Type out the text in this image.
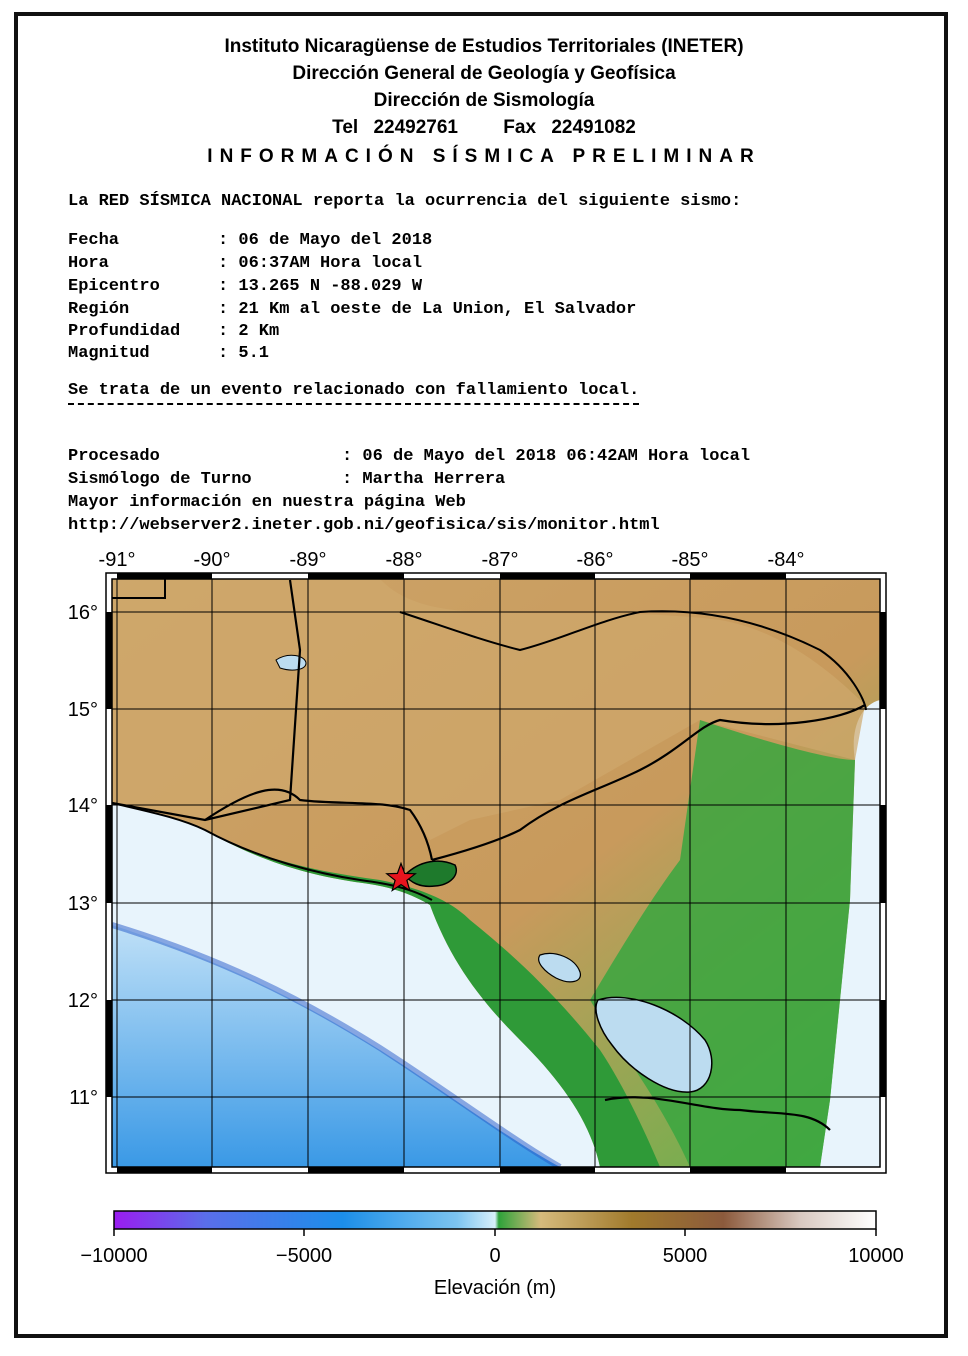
Instituto Nicaragüense de Estudios Territoriales (INETER)
Dirección General de Geología y Geofísica
Dirección de Sismología
Tel 22492761 Fax 22491082
INFORMACIÓN SÍSMICA PRELIMINAR
La RED SÍSMICA NACIONAL reporta la ocurrencia del siguiente sismo:
Fecha	: 06 de Mayo del 2018
Hora	: 06:37AM Hora local
Epicentro	: 13.265 N -88.029 W
Región	: 21 Km al oeste de La Union, El Salvador
Profundidad : 2 Km
Magnitud	: 5.1
Se trata de un evento relacionado con fallamiento local.
Procesado	: 06 de Mayo del 2018 06:42AM Hora local
Sismólogo de Turno	: Martha Herrera
Mayor información en nuestra página Web
http://webserver2.ineter.gob.ni/geofisica/sis/monitor.html
-91°	-90°	-89°	-88°	-87°	-86°	-85°	-84°
16°
15°
14°
13°
12°
11°
−10000	−5000	0	5000	10000
Elevación (m)
